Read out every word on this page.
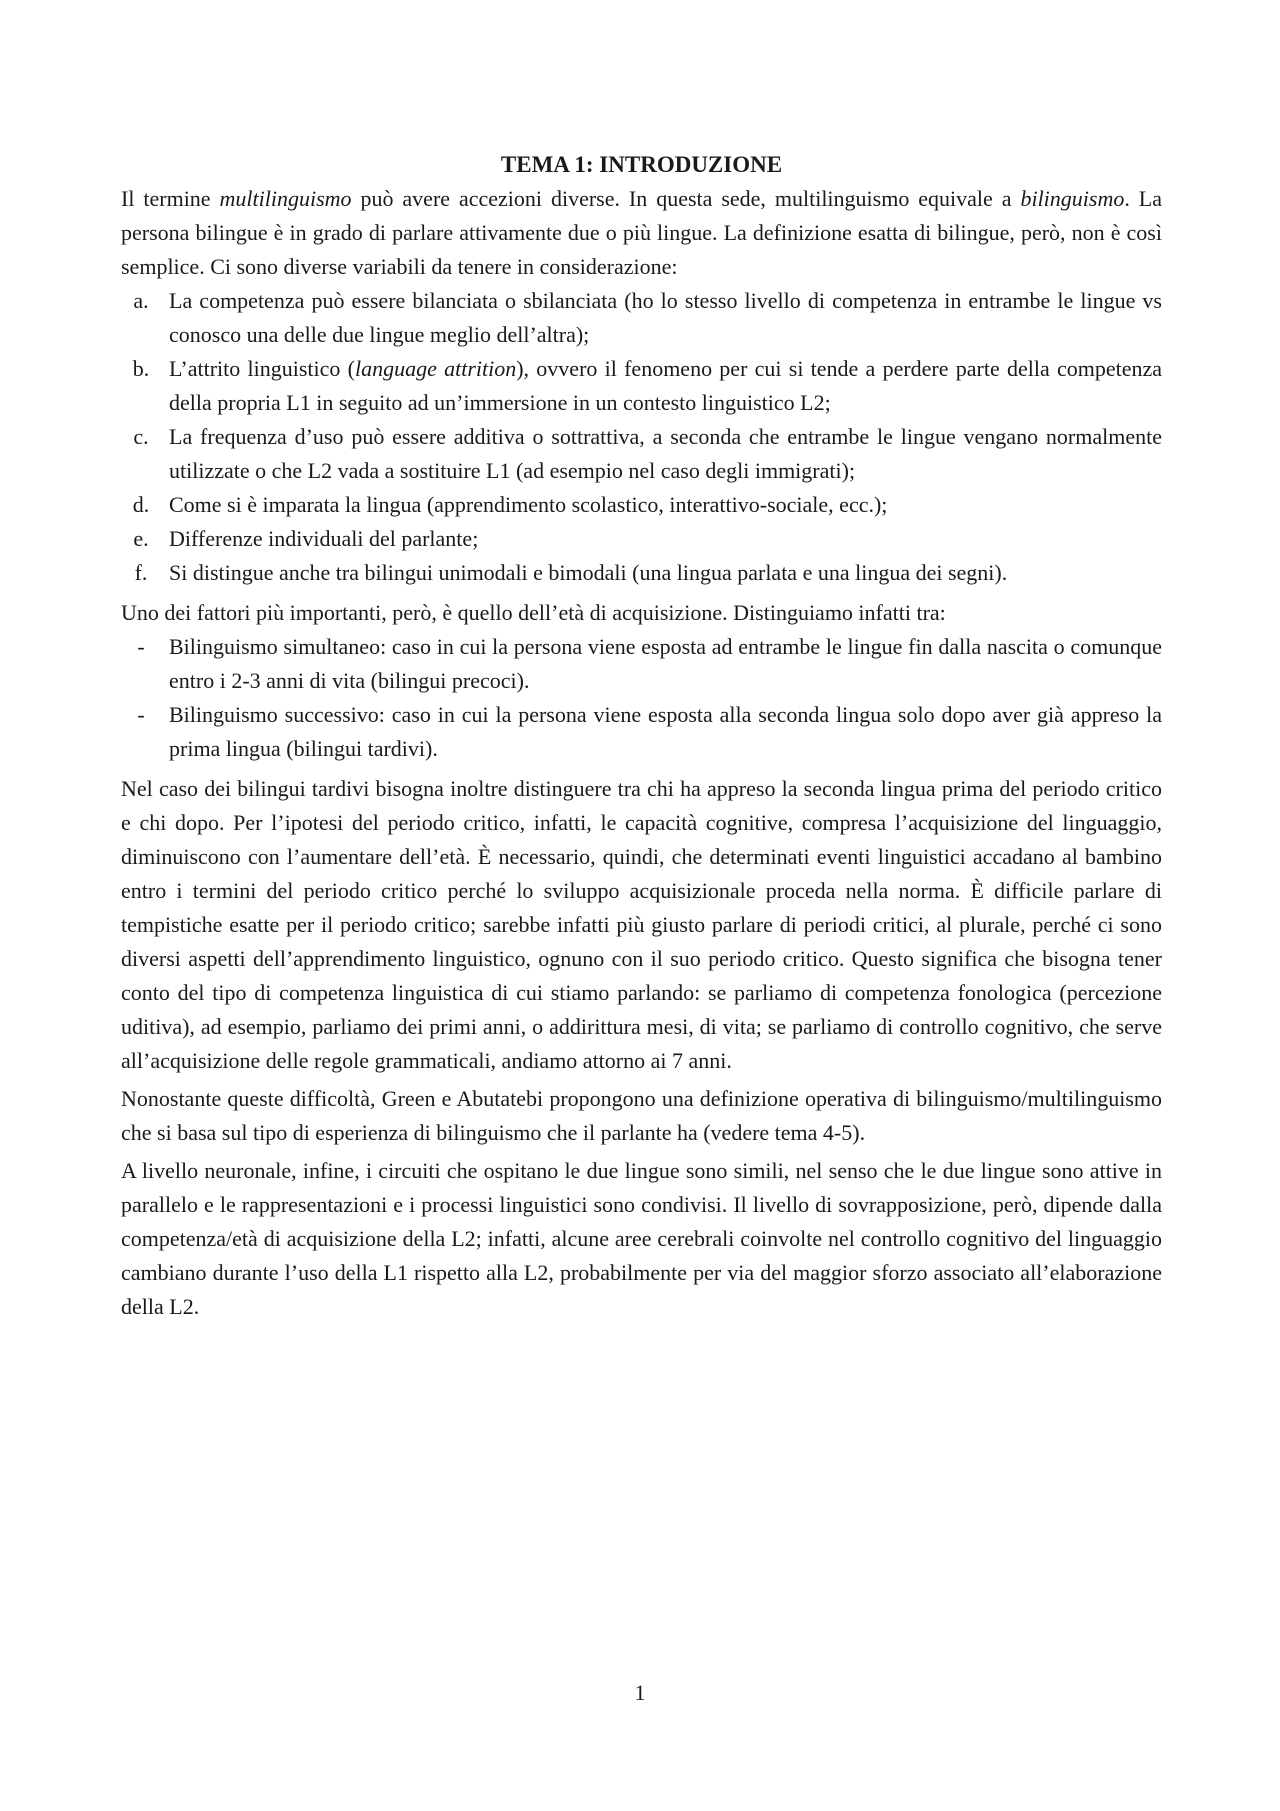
TEMA 1: INTRODUZIONE

Il termine multilinguismo può avere accezioni diverse. In questa sede, multilinguismo equivale a bilinguismo. La persona bilingue è in grado di parlare attivamente due o più lingue. La definizione esatta di bilingue, però, non è così semplice. Ci sono diverse variabili da tenere in considerazione:

a. La competenza può essere bilanciata o sbilanciata (ho lo stesso livello di competenza in entrambe le lingue vs conosco una delle due lingue meglio dell’altra);
b. L’attrito linguistico (language attrition), ovvero il fenomeno per cui si tende a perdere parte della competenza della propria L1 in seguito ad un’immersione in un contesto linguistico L2;
c. La frequenza d’uso può essere additiva o sottrattiva, a seconda che entrambe le lingue vengano normalmente utilizzate o che L2 vada a sostituire L1 (ad esempio nel caso degli immigrati);
d. Come si è imparata la lingua (apprendimento scolastico, interattivo-sociale, ecc.);
e. Differenze individuali del parlante;
f. Si distingue anche tra bilingui unimodali e bimodali (una lingua parlata e una lingua dei segni).

Uno dei fattori più importanti, però, è quello dell’età di acquisizione. Distinguiamo infatti tra:

-	Bilinguismo simultaneo: caso in cui la persona viene esposta ad entrambe le lingue fin dalla nascita o comunque entro i 2-3 anni di vita (bilingui precoci).
-	Bilinguismo successivo: caso in cui la persona viene esposta alla seconda lingua solo dopo aver già appreso la prima lingua (bilingui tardivi).

Nel caso dei bilingui tardivi bisogna inoltre distinguere tra chi ha appreso la seconda lingua prima del periodo critico e chi dopo. Per l’ipotesi del periodo critico, infatti, le capacità cognitive, compresa l’acquisizione del linguaggio, diminuiscono con l’aumentare dell’età. È necessario, quindi, che determinati eventi linguistici accadano al bambino entro i termini del periodo critico perché lo sviluppo acquisizionale proceda nella norma. È difficile parlare di tempistiche esatte per il periodo critico; sarebbe infatti più giusto parlare di periodi critici, al plurale, perché ci sono diversi aspetti dell’apprendimento linguistico, ognuno con il suo periodo critico. Questo significa che bisogna tener conto del tipo di competenza linguistica di cui stiamo parlando: se parliamo di competenza fonologica (percezione uditiva), ad esempio, parliamo dei primi anni, o addirittura mesi, di vita; se parliamo di controllo cognitivo, che serve all’acquisizione delle regole grammaticali, andiamo attorno ai 7 anni.

Nonostante queste difficoltà, Green e Abutatebi propongono una definizione operativa di bilinguismo/multilinguismo che si basa sul tipo di esperienza di bilinguismo che il parlante ha (vedere tema 4-5).

A livello neuronale, infine, i circuiti che ospitano le due lingue sono simili, nel senso che le due lingue sono attive in parallelo e le rappresentazioni e i processi linguistici sono condivisi. Il livello di sovrapposizione, però, dipende dalla competenza/età di acquisizione della L2; infatti, alcune aree cerebrali coinvolte nel controllo cognitivo del linguaggio cambiano durante l’uso della L1 rispetto alla L2, probabilmente per via del maggior sforzo associato all’elaborazione della L2.

1
